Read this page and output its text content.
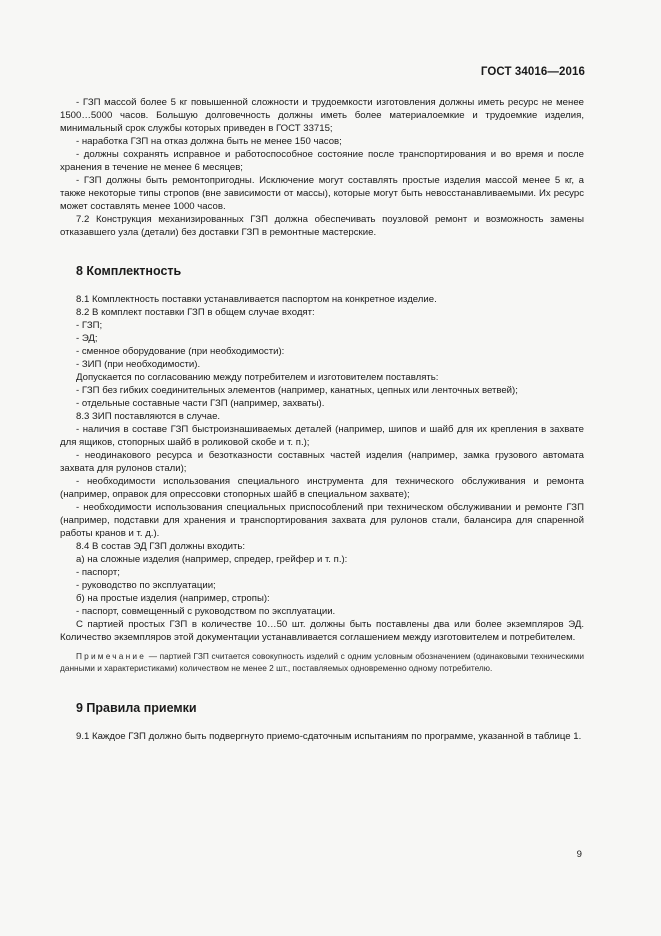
ГОСТ 34016—2016

- ГЗП массой более 5 кг повышенной сложности и трудоемкости изготовления должны иметь ресурс не менее 1500…5000 часов. Большую долговечность должны иметь более материалоемкие и трудоемкие изделия, минимальный срок службы которых приведен в ГОСТ 33715;

- наработка ГЗП на отказ должна быть не менее 150 часов;

- должны сохранять исправное и работоспособное состояние после транспортирования и во время и после хранения в течение не менее 6 месяцев;

- ГЗП должны быть ремонтопригодны. Исключение могут составлять простые изделия массой менее 5 кг, а также некоторые типы стропов (вне зависимости от массы), которые могут быть невосстанавливаемыми. Их ресурс может составлять менее 1000 часов.

7.2 Конструкция механизированных ГЗП должна обеспечивать поузловой ремонт и возможность замены отказавшего узла (детали) без доставки ГЗП в ремонтные мастерские.

8 Комплектность

8.1 Комплектность поставки устанавливается паспортом на конкретное изделие.

8.2 В комплект поставки ГЗП в общем случае входят:

- ГЗП;

- ЭД;

- сменное оборудование (при необходимости):

- ЗИП (при необходимости).

Допускается по согласованию между потребителем и изготовителем поставлять:

- ГЗП без гибких соединительных элементов (например, канатных, цепных или ленточных ветвей);

- отдельные составные части ГЗП (например, захваты).

8.3 ЗИП поставляются в случае.

- наличия в составе ГЗП быстроизнашиваемых деталей (например, шипов и шайб для их крепления в захвате для ящиков, стопорных шайб в роликовой скобе и т. п.);

- неодинакового ресурса и безотказности составных частей изделия (например, замка грузового автомата захвата для рулонов стали);

- необходимости использования специального инструмента для технического обслуживания и ремонта (например, оправок для опрессовки стопорных шайб в специальном захвате);

- необходимости использования специальных приспособлений при техническом обслуживании и ремонте ГЗП (например, подставки для хранения и транспортирования захвата для рулонов стали, балансира для спаренной работы кранов и т. д.).

8.4 В состав ЭД ГЗП должны входить:

а) на сложные изделия (например, спредер, грейфер и т. п.):

- паспорт;

- руководство по эксплуатации;

б) на простые изделия (например, стропы):

- паспорт, совмещенный с руководством по эксплуатации.

С партией простых ГЗП в количестве 10…50 шт. должны быть поставлены два или более экземпляров ЭД. Количество экземпляров этой документации устанавливается соглашением между изготовителем и потребителем.

Примечание — партией ГЗП считается совокупность изделий с одним условным обозначением (одинаковыми техническими данными и характеристиками) количеством не менее 2 шт., поставляемых одновременно одному потребителю.

9 Правила приемки

9.1 Каждое ГЗП должно быть подвергнуто приемо-сдаточным испытаниям по программе, указанной в таблице 1.

9
